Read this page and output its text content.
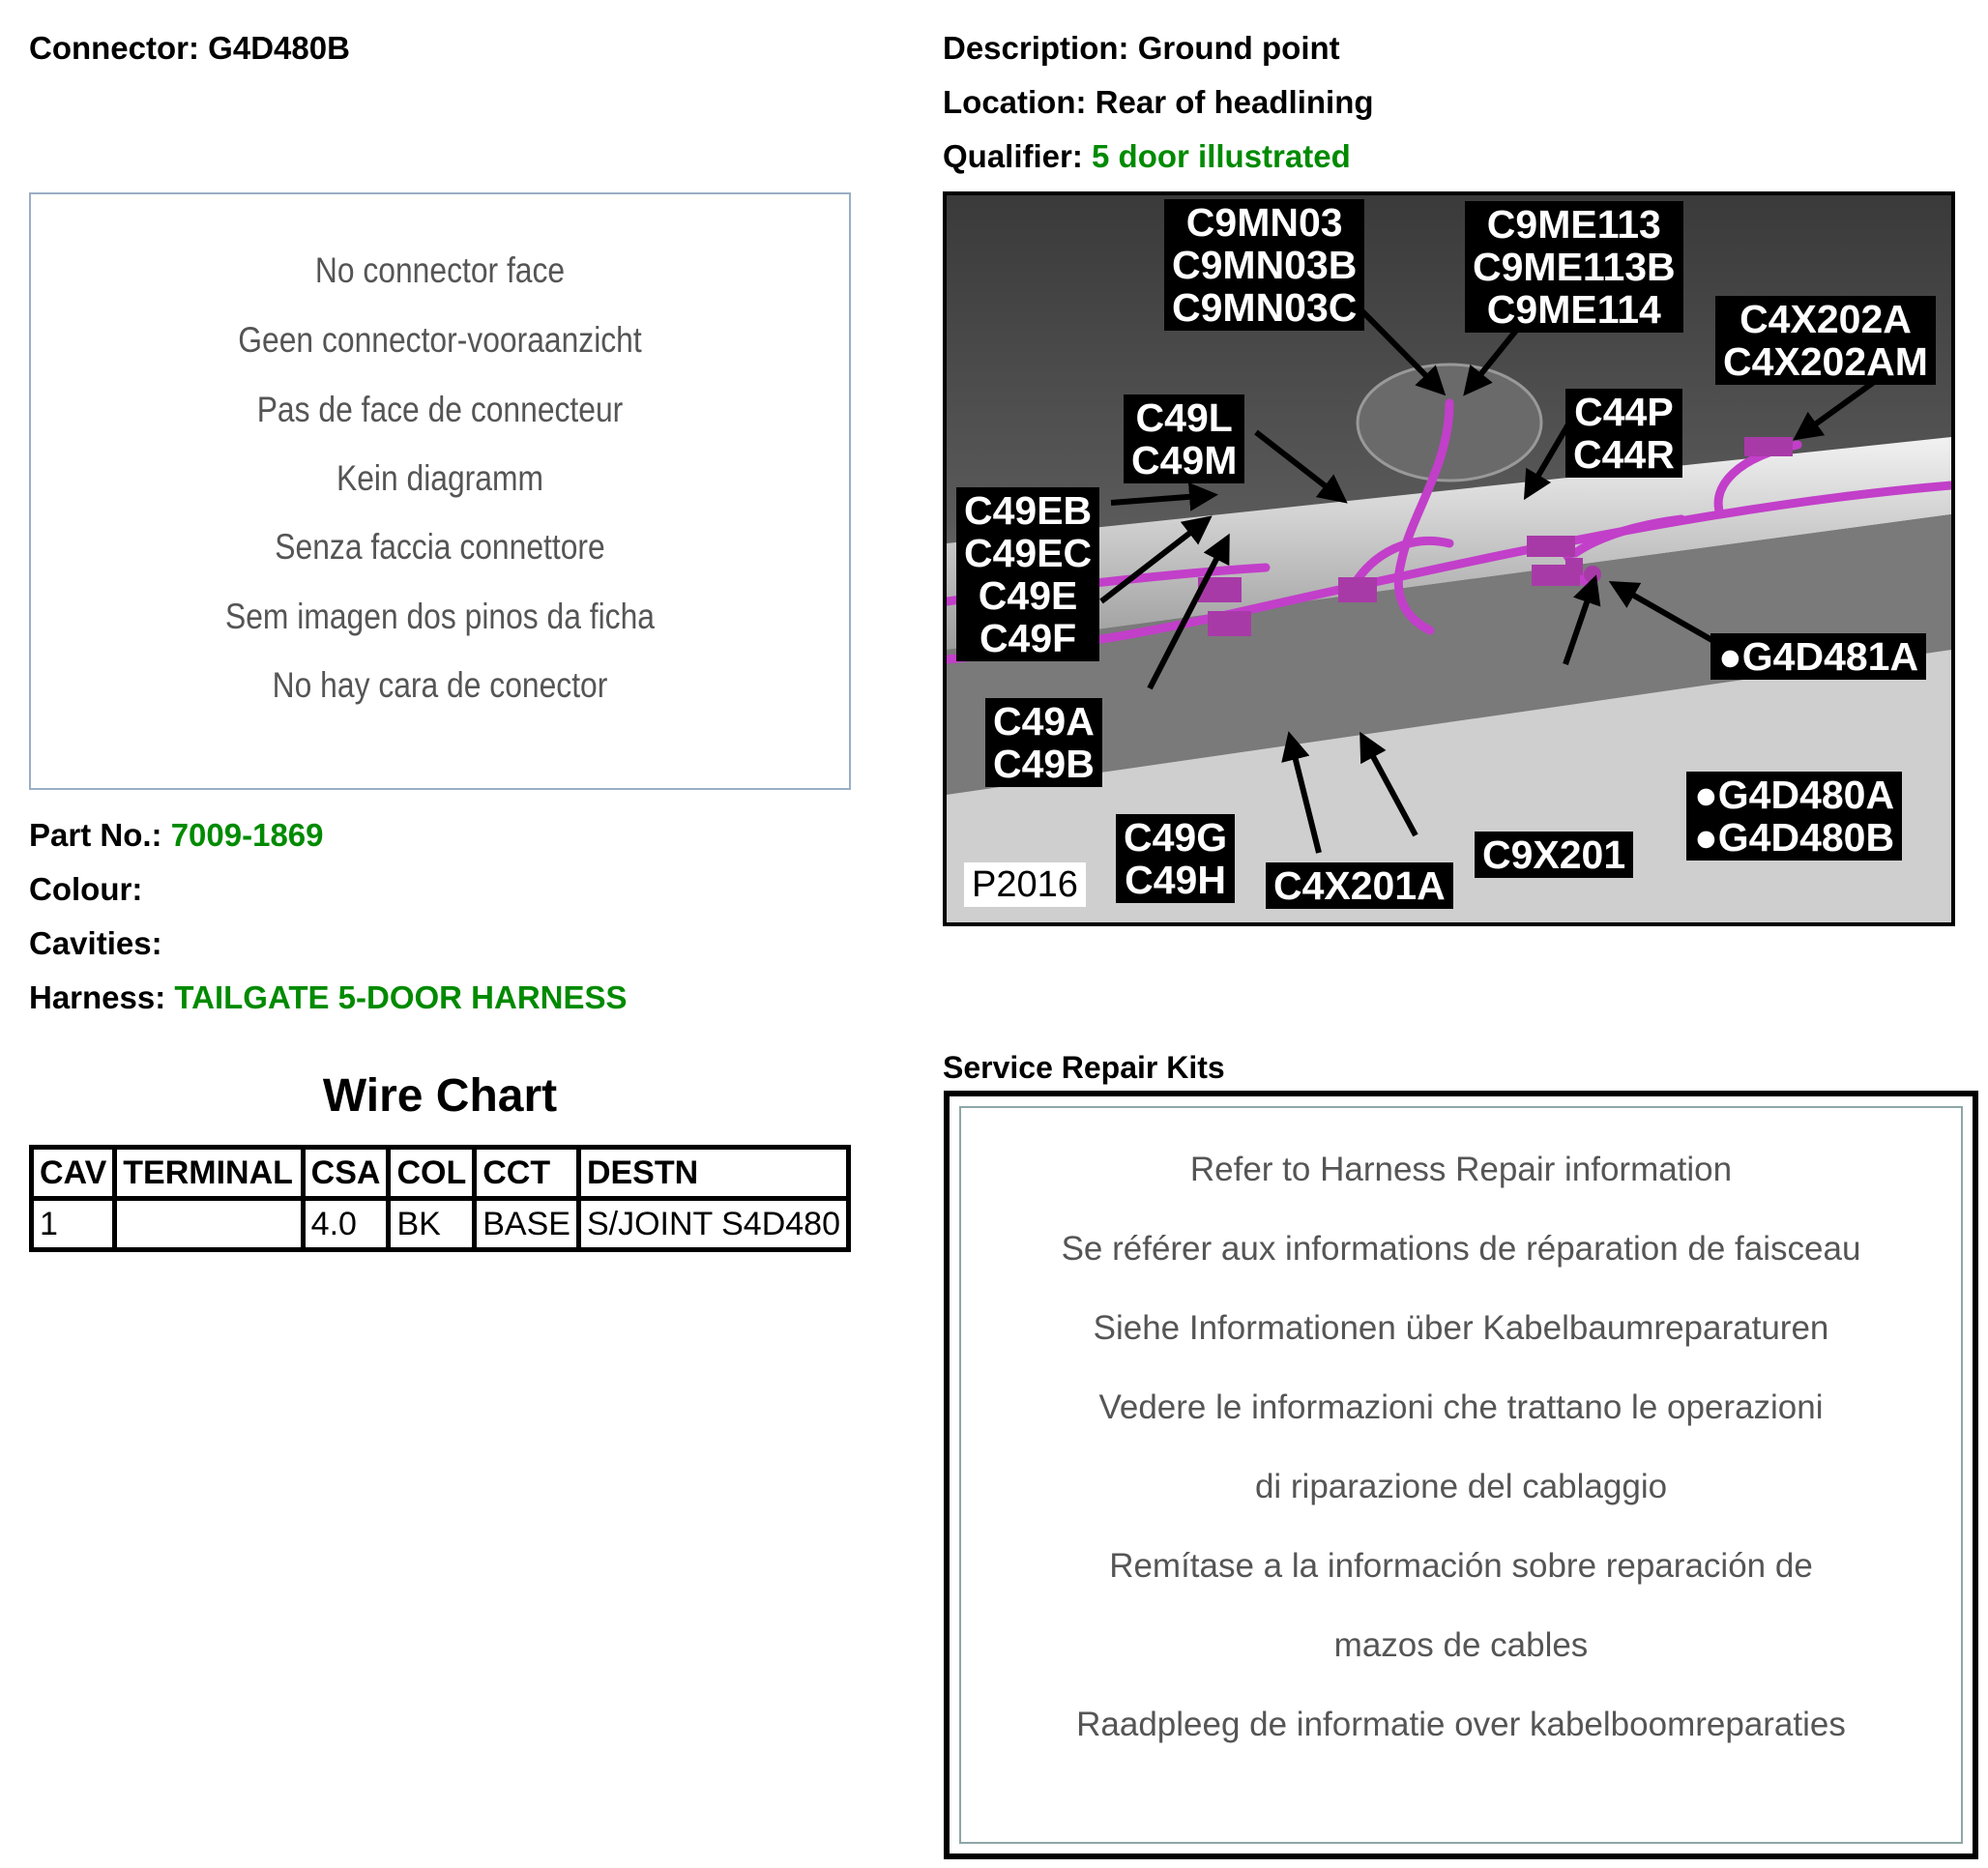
Connector: G4D480B
No connector face
Geen connector-vooraanzicht
Pas de face de connecteur
Kein diagramm
Senza faccia connettore
Sem imagen dos pinos da ficha
No hay cara de conector
Part No.: 7009-1869
Colour:
Cavities:
Harness: TAILGATE 5-DOOR HARNESS
Wire Chart
CAV	TERMINAL	CSA	COL	CCT	DESTN
1		4.0	BK	BASE	S/JOINT S4D480
Description: Ground point
Location: Rear of headlining
Qualifier: 5 door illustrated
C9MN03
C9MN03B
C9MN03C
C9ME113
C9ME113B
C9ME114	C4X202A
C4X202AM
C49L
C49M
C44P
C44R
C49EB
C49EC
C49E
C49F	●G4D481A
C49A
C49B
●G4D480A
●G4D480B
C49G
C49H
C9X201
C4X201A
P2016
Service Repair Kits
Refer to Harness Repair information
Se référer aux informations de réparation de faisceau
Siehe Informationen über Kabelbaumreparaturen
Vedere le informazioni che trattano le operazioni
di riparazione del cablaggio
Remítase a la información sobre reparación de
mazos de cables
Raadpleeg de informatie over kabelboomreparaties
